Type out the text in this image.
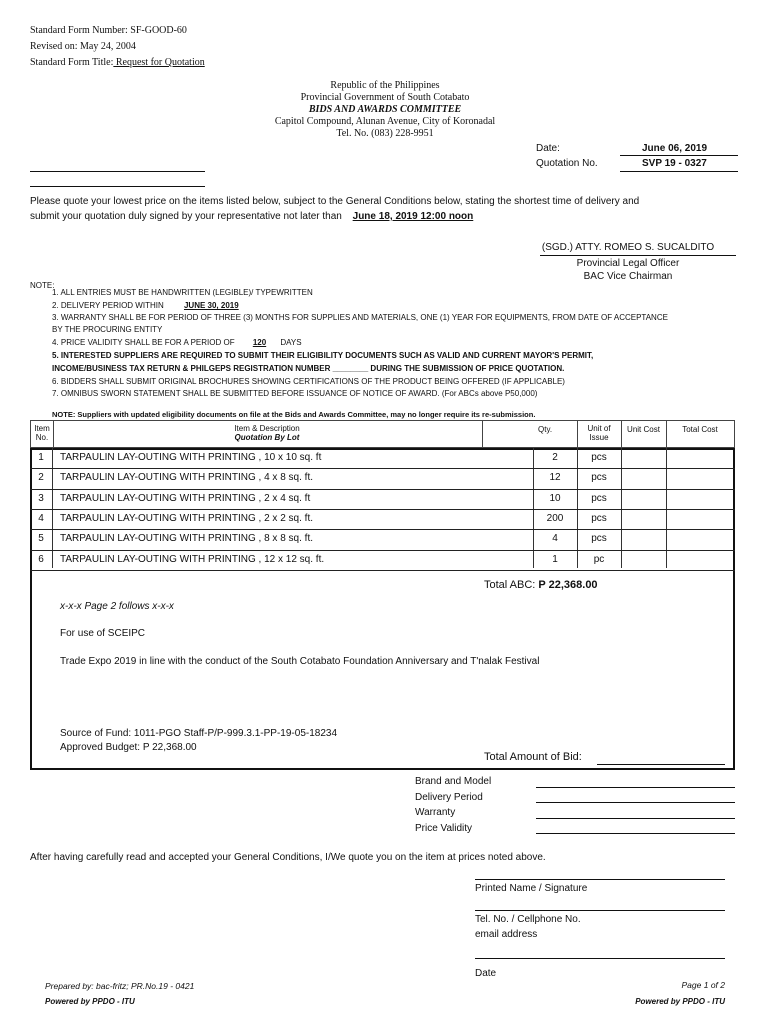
Standard Form Number: SF-GOOD-60
Revised on: May 24, 2004
Standard Form Title: Request for Quotation
Republic of the Philippines
Provincial Government of South Cotabato
BIDS AND AWARDS COMMITTEE
Capitol Compound, Alunan Avenue, City of Koronadal
Tel. No. (083) 228-9951
Date:	June 06, 2019
Quotation No.	SVP 19 - 0327
Please quote your lowest price on the items listed below, subject to the General Conditions below, stating the shortest time of delivery and
submit your quotation duly signed by your representative not later than June 18, 2019 12:00 noon
(SGD.) ATTY. ROMEO S. SUCALDITO
Provincial Legal Officer
BAC Vice Chairman
NOTE:
1. ALL ENTRIES MUST BE HANDWRITTEN (LEGIBLE)/ TYPEWRITTEN
2. DELIVERY PERIOD WITHIN	JUNE 30, 2019
3. WARRANTY SHALL BE FOR PERIOD OF THREE (3) MONTHS FOR SUPPLIES AND MATERIALS, ONE (1) YEAR FOR EQUIPMENTS, FROM DATE OF ACCEPTANCE
BY THE PROCURING ENTITY
4. PRICE VALIDITY SHALL BE FOR A PERIOD OF 120 DAYS
5. INTERESTED SUPPLIERS ARE REQUIRED TO SUBMIT THEIR ELIGIBILITY DOCUMENTS SUCH AS VALID AND CURRENT MAYOR'S PERMIT,
INCOME/BUSINESS TAX RETURN & PHILGEPS REGISTRATION NUMBER ________ DURING THE SUBMISSION OF PRICE QUOTATION.
6. BIDDERS SHALL SUBMIT ORIGINAL BROCHURES SHOWING CERTIFICATIONS OF THE PRODUCT BEING OFFERED (IF APPLICABLE)
7. OMNIBUS SWORN STATEMENT SHALL BE SUBMITTED BEFORE ISSUANCE OF NOTICE OF AWARD. (For ABCs above P50,000)
NOTE: Suppliers with updated eligibility documents on file at the Bids and Awards Committee, may no longer require its re-submission.
Item
No.
Item & Description
Quotation By Lot
Qty.	Unit of
Issue
Unit Cost	Total Cost
1	TARPAULIN LAY-OUTING WITH PRINTING , 10 x 10 sq. ft	2	pcs
2	TARPAULIN LAY-OUTING WITH PRINTING , 4 x 8 sq. ft.	12	pcs
3	TARPAULIN LAY-OUTING WITH PRINTING , 2 x 4 sq. ft	10	pcs
4	TARPAULIN LAY-OUTING WITH PRINTING , 2 x 2 sq. ft.	200	pcs
5	TARPAULIN LAY-OUTING WITH PRINTING , 8 x 8 sq. ft.	4	pcs
6	TARPAULIN LAY-OUTING WITH PRINTING , 12 x 12 sq. ft.	1	pc
Total ABC: P 22,368.00
x-x-x Page 2 follows x-x-x
For use of SCEIPC
Trade Expo 2019 in line with the conduct of the South Cotabato Foundation Anniversary and T'nalak Festival
Source of Fund: 1011-PGO Staff-P/P-999.3.1-PP-19-05-18234
Approved Budget: P 22,368.00
Total Amount of Bid:
Brand and Model
Delivery Period
Warranty
Price Validity
After having carefully read and accepted your General Conditions, I/We quote you on the item at prices noted above.
Printed Name / Signature
Tel. No. / Cellphone No.
email address
Date
Prepared by: bac-fritz; PR.No.19 - 0421
Powered by PPDO - ITU
Page 1 of 2
Powered by PPDO - ITU
